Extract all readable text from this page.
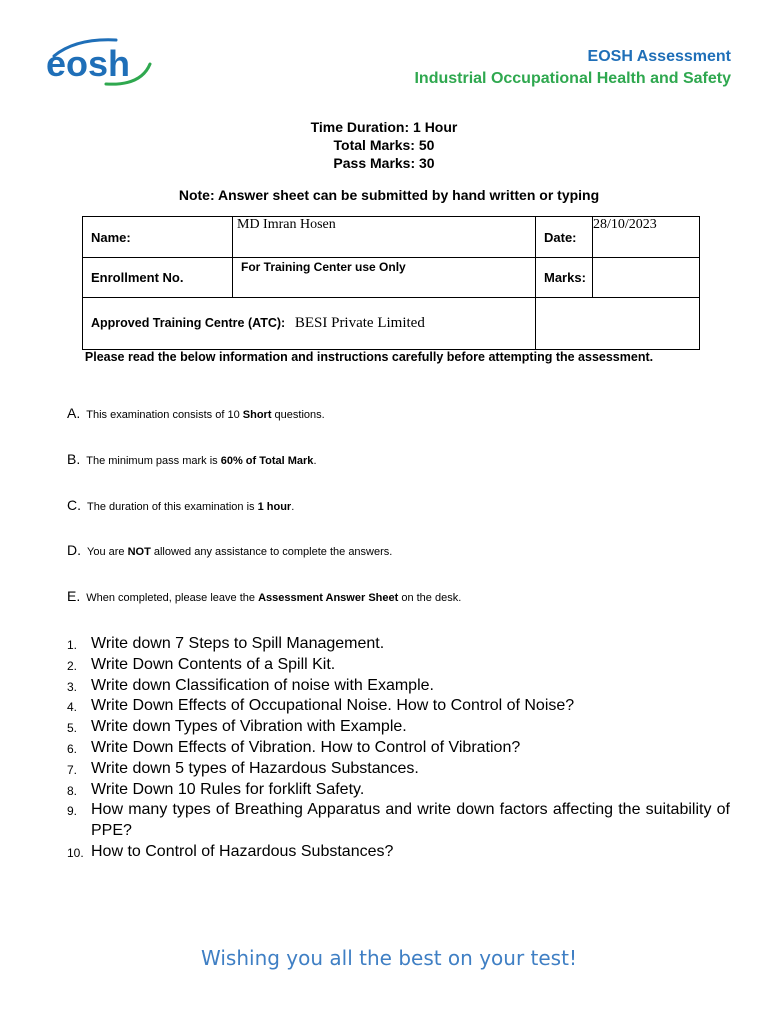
eosh	EOSH Assessment
Industrial Occupational Health and Safety
Time Duration: 1 Hour
Total Marks: 50
Pass Marks: 30
Note: Answer sheet can be submitted by hand written or typing
Name:	MD Imran Hosen	Date:	28/10/2023
Enrollment No.	For Training Center use Only	Marks:	
Approved Training Centre (ATC): BESI Private Limited			
Please read the below information and instructions carefully before attempting the assessment.
A. This examination consists of 10 Short questions.
B. The minimum pass mark is 60% of Total Mark.
C. The duration of this examination is 1 hour.
D. You are NOT allowed any assistance to complete the answers.
E. When completed, please leave the Assessment Answer Sheet on the desk.
1. Write down 7 Steps to Spill Management.
2. Write Down Contents of a Spill Kit.
3. Write down Classification of noise with Example.
4. Write Down Effects of Occupational Noise. How to Control of Noise?
5. Write down Types of Vibration with Example.
6. Write Down Effects of Vibration. How to Control of Vibration?
7. Write down 5 types of Hazardous Substances.
8. Write Down 10 Rules for forklift Safety.
9. How many types of Breathing Apparatus and write down factors affecting the suitability of PPE?
10. How to Control of Hazardous Substances?
Wishing you all the best on your test!
